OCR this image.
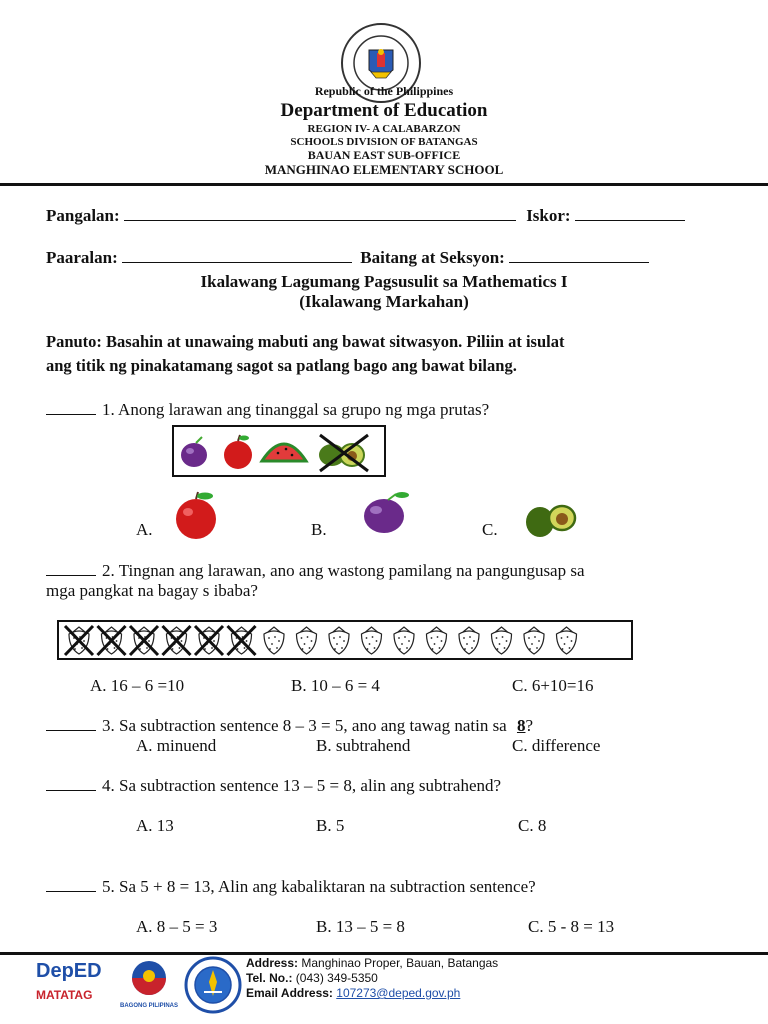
Republic of the Philippines
Department of Education
REGION IV- A CALABARZON
SCHOOLS DIVISION OF BATANGAS
BAUAN EAST SUB-OFFICE
MANGHINAO ELEMENTARY SCHOOL
Pangalan:	Iskor:
Paaralan:	Baitang at Seksyon:
Ikalawang Lagumang Pagsusulit sa Mathematics I
(Ikalawang Markahan)
Panuto: Basahin at unawaing mabuti ang bawat sitwasyon. Piliin at isulat
ang titik ng pinakatamang sagot sa patlang bago ang bawat bilang.
1. Anong larawan ang tinanggal sa grupo ng mga prutas?
A.	B.	C.
2. Tingnan ang larawan, ano ang wastong pamilang na pangungusap sa
mga pangkat na bagay s ibaba?
A. 16 – 6 =10	B. 10 – 6 = 4	C. 6+10=16
3. Sa subtraction sentence 8 – 3 = 5, ano ang tawag natin sa 8?
A. minuend	B. subtrahend	C. difference
4. Sa subtraction sentence 13 – 5 = 8, alin ang subtrahend?
A. 13	B. 5	C. 8
5. Sa 5 + 8 = 13, Alin ang kabaliktaran na subtraction sentence?
A. 8 – 5 = 3	B. 13 – 5 = 8	C. 5 - 8 = 13
DepED
MATATAG
BAGONG PILIPINAS
Address: Manghinao Proper, Bauan, Batangas
Tel. No.: (043) 349-5350
Email Address: 107273@deped.gov.ph
